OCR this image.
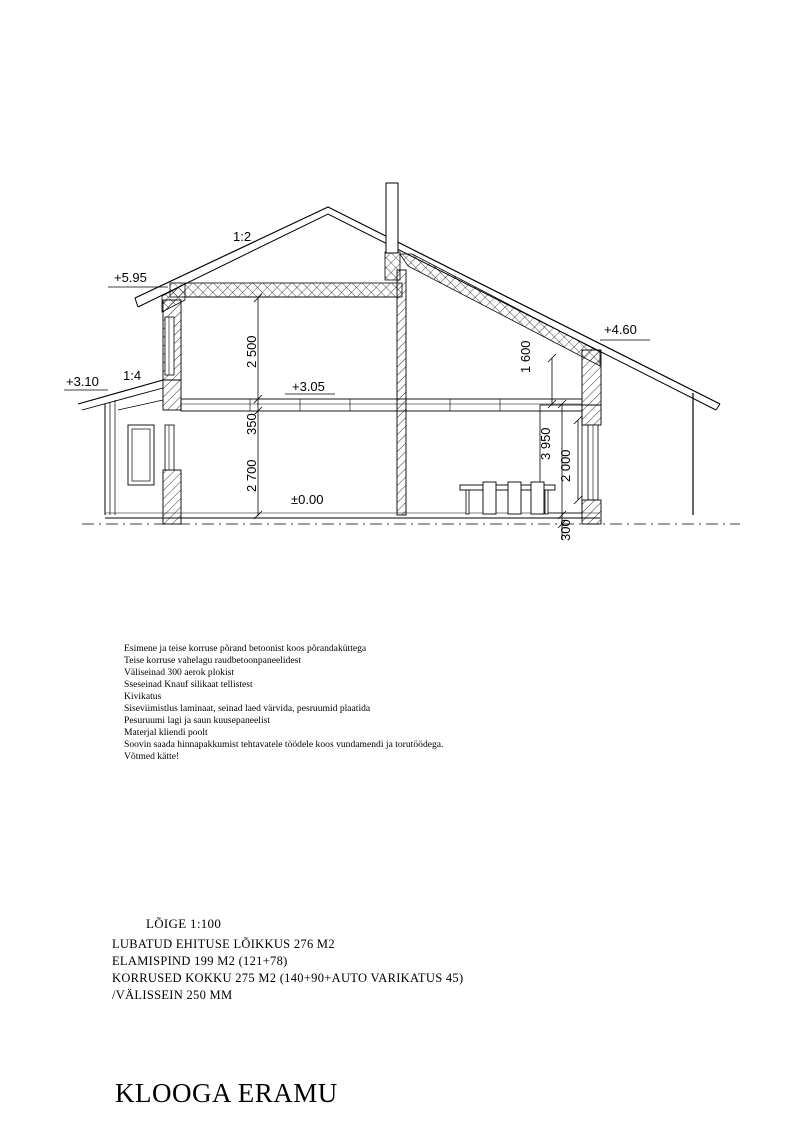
+5.95
1:2
+3.10 1:4
+4.60
+3.05
±0.00
2 500
350
2 700
1 600
3 950
2 000
300
Esimene ja teise korruse põrand betoonist koos põrandaküttega
Teise korruse vahelagu raudbetoonpaneelidest
Väliseinad 300 aerok plokist
Sseseinad Knauf silikaat tellistest
Kivikatus
Siseviimistlus laminaat, seinad laed värvida, pesruumid plaatida
Pesuruumi lagi ja saun kuusepaneelist
Materjal kliendi poolt
Soovin saada hinnapakkumist tehtavatele töödele koos vundamendi ja torutöödega.
Võtmed kätte!
LÕIGE 1:100
LUBATUD EHITUSE LÕIKKUS 276 M2
ELAMISPIND 199 M2 (121+78)
KORRUSED KOKKU 275 M2 (140+90+AUTO VARIKATUS 45)
/VÄLISSEIN 250 MM
KLOOGA ERAMU
